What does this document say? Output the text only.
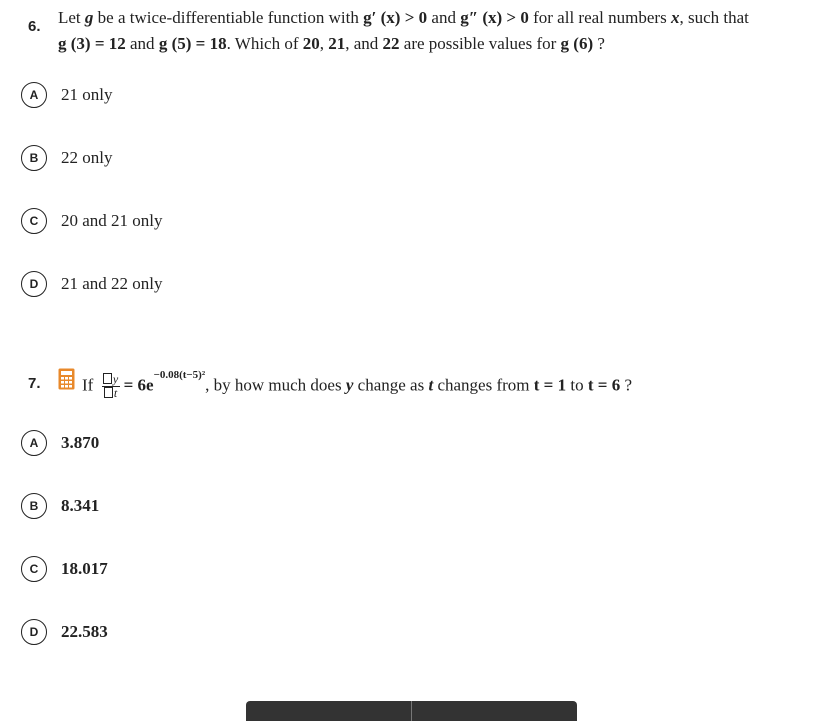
6. Let g be a twice-differentiable function with g′ (x) > 0 and g″ (x) > 0 for all real numbers x, such that
g (3) = 12 and g (5) = 18. Which of 20, 21, and 22 are possible values for g (6) ?
A	21 only
B	22 only
C	20 and 21 only
D	21 and 22 only
7. If $\frac{y}{t} = 6e^{-0.08(t-5)^2}$, by how much does y change as t changes from t = 1 to t = 6 ?
A	3.870
B	8.341
C	18.017
D	22.583
